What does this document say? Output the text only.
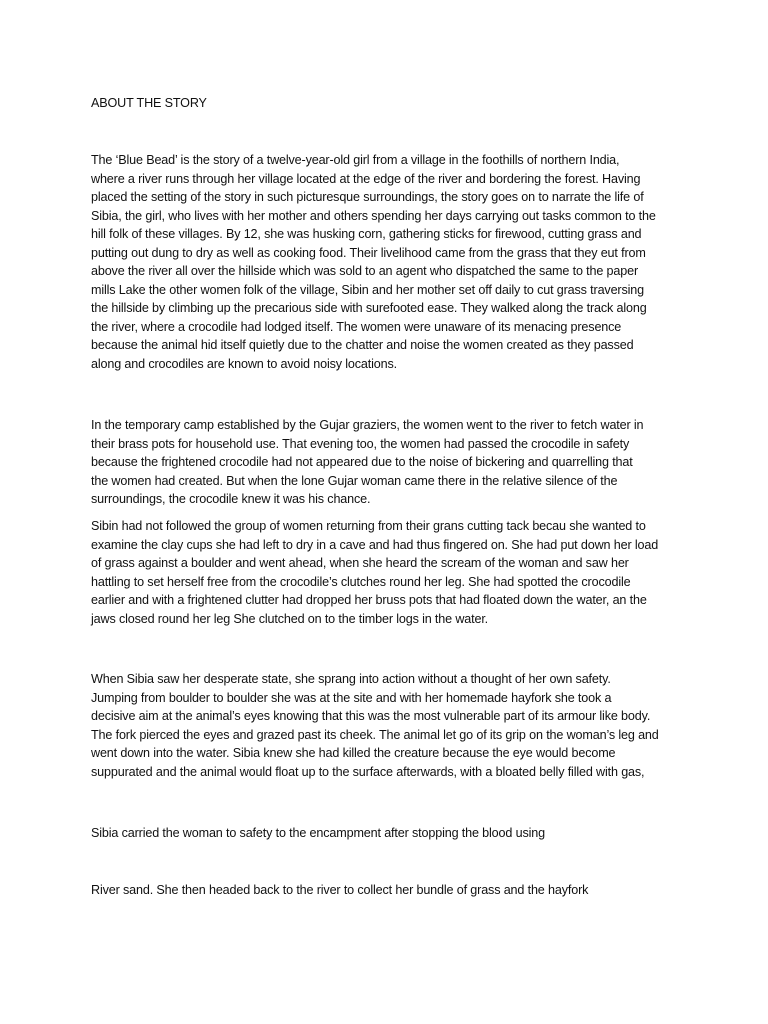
ABOUT THE STORY

The ‘Blue Bead’ is the story of a twelve-year-old girl from a village in the foothills of northern India,
where a river runs through her village located at the edge of the river and bordering the forest. Having
placed the setting of the story in such picturesque surroundings, the story goes on to narrate the life of
Sibia, the girl, who lives with her mother and others spending her days carrying out tasks common to the
hill folk of these villages. By 12, she was husking corn, gathering sticks for firewood, cutting grass and
putting out dung to dry as well as cooking food. Their livelihood came from the grass that they eut from
above the river all over the hillside which was sold to an agent who dispatched the same to the paper
mills Lake the other women folk of the village, Sibin and her mother set off daily to cut grass traversing
the hillside by climbing up the precarious side with surefooted ease. They walked along the track along
the river, where a crocodile had lodged itself. The women were unaware of its menacing presence
because the animal hid itself quietly due to the chatter and noise the women created as they passed
along and crocodiles are known to avoid noisy locations.

In the temporary camp established by the Gujar graziers, the women went to the river to fetch water in
their brass pots for household use. That evening too, the women had passed the crocodile in safety
because the frightened crocodile had not appeared due to the noise of bickering and quarrelling that
the women had created. But when the lone Gujar woman came there in the relative silence of the
surroundings, the crocodile knew it was his chance.

Sibin had not followed the group of women returning from their grans cutting tack becau she wanted to
examine the clay cups she had left to dry in a cave and had thus fingered on. She had put down her load
of grass against a boulder and went ahead, when she heard the scream of the woman and saw her
hattling to set herself free from the crocodile’s clutches round her leg. She had spotted the crocodile
earlier and with a frightened clutter had dropped her bruss pots that had floated down the water, an the
jaws closed round her leg She clutched on to the timber logs in the water.

When Sibia saw her desperate state, she sprang into action without a thought of her own safety.
Jumping from boulder to boulder she was at the site and with her homemade hayfork she took a
decisive aim at the animal’s eyes knowing that this was the most vulnerable part of its armour like body.
The fork pierced the eyes and grazed past its cheek. The animal let go of its grip on the woman’s leg and
went down into the water. Sibia knew she had killed the creature because the eye would become
suppurated and the animal would float up to the surface afterwards, with a bloated belly filled with gas,

Sibia carried the woman to safety to the encampment after stopping the blood using

River sand. She then headed back to the river to collect her bundle of grass and the hayfork
